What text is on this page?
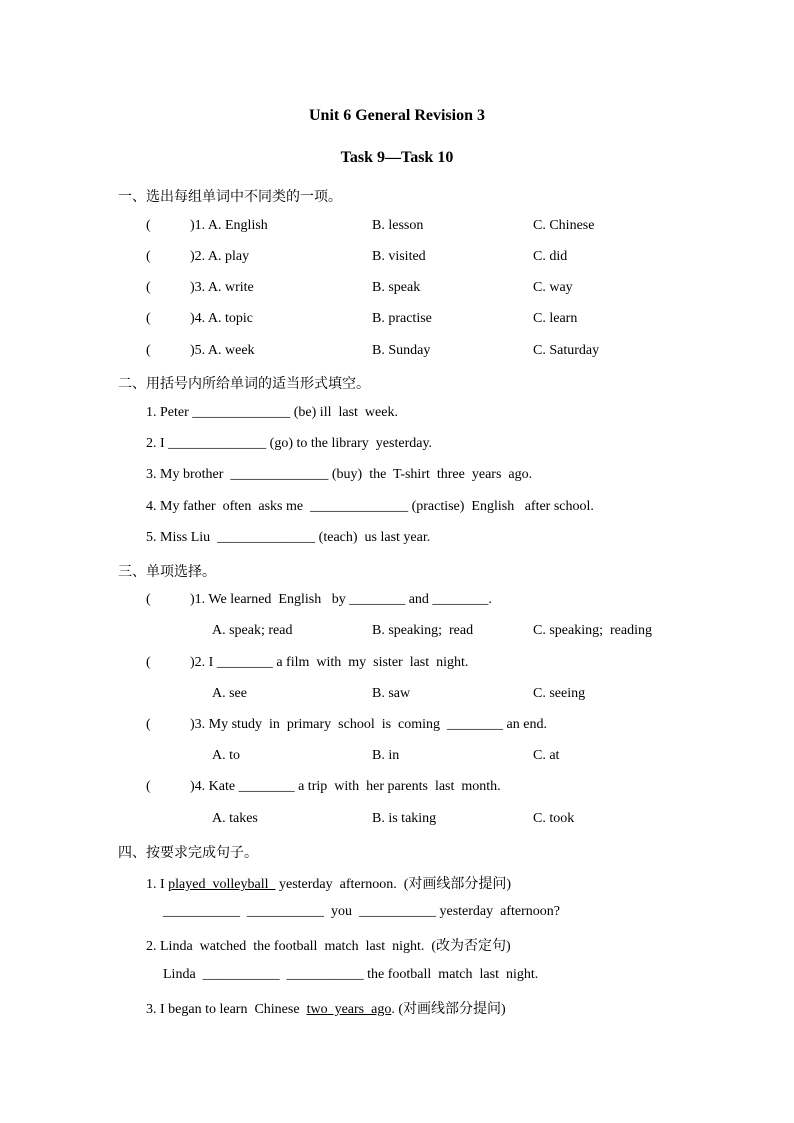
Unit 6 General Revision 3
Task 9—Task 10
一、选出每组单词中不同类的一项。
(	)1. A. English	B. lesson	C. Chinese
(	)2. A. play	B. visited	C. did
(	)3. A. write	B. speak	C. way
(	)4. A. topic	B. practise	C. learn
(	)5. A. week	B. Sunday	C. Saturday
二、用括号内所给单词的适当形式填空。
1. Peter ______________ (be) ill  last  week.
2. I ______________ (go) to the library  yesterday.
3. My brother  ______________ (buy)  the  T-shirt  three  years  ago.
4. My father  often  asks me  ______________ (practise)  English   after school.
5. Miss Liu  ______________ (teach)  us last year.
三、单项选择。
(	)1. We learned  English   by ________ and ________.
A. speak; read	B. speaking;  read	C. speaking;  reading
(	)2. I ________ a film  with  my  sister  last  night.
A. see	B. saw	C. seeing
(	)3. My study  in  primary  school  is  coming  ________ an end.
A. to	B. in	C. at
(	)4. Kate ________ a trip  with  her parents  last  month.
A. takes	B. is taking	C. took
四、按要求完成句子。
1. I played  volleyball   yesterday  afternoon.  (对画线部分提问)
___________  ___________  you  ___________ yesterday  afternoon?
2. Linda  watched  the football  match  last  night.  (改为否定句)
Linda  ___________  ___________ the football  match  last  night.
3. I began to learn  Chinese  two  years  ago. (对画线部分提问)
